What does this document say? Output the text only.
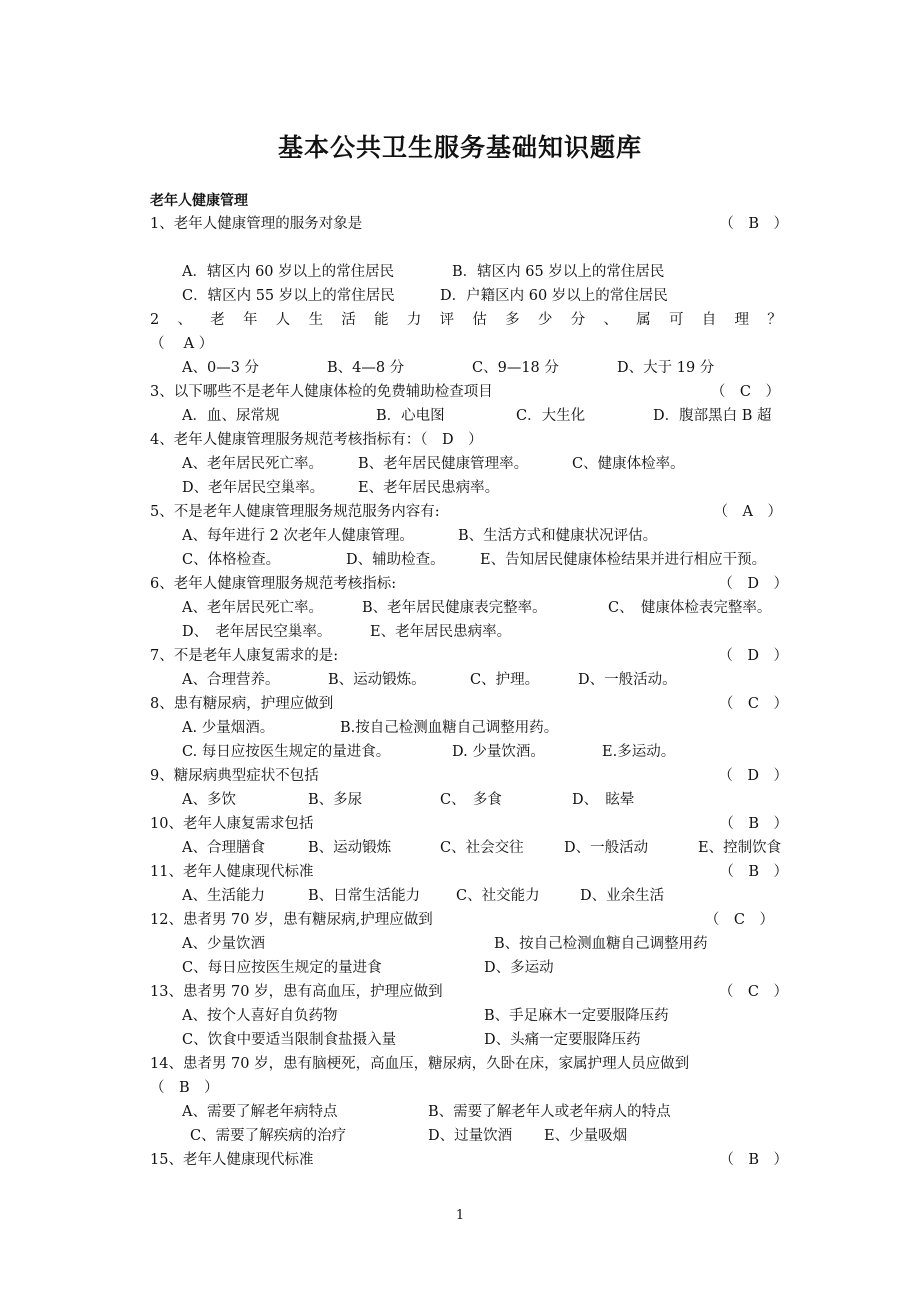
基本公共卫生服务基础知识题库
老年人健康管理
1、老年人健康管理的服务对象是	（　B　）
A．辖区内 60 岁以上的常住居民	B．辖区内 65 岁以上的常住居民
C．辖区内 55 岁以上的常住居民	D．户籍区内 60 岁以上的常住居民
2 、 老 年 人 生 活 能 力 评 估 多 少 分 、 属 可 自 理 ？
（　 A ）
A、0—3 分	B、4—8 分	C、9—18 分	D、大于 19 分
3、以下哪些不是老年人健康体检的免费辅助检查项目	（　C　）
A．血、尿常规	B．心电图	C．大生化	D．腹部黑白 B 超
4、老年人健康管理服务规范考核指标有：（　D　）
A、老年居民死亡率。 B、老年居民健康管理率。	C、健康体检率。
D、老年居民空巢率。 E、老年居民患病率。
5、不是老年人健康管理服务规范服务内容有:	（　A　）
A、每年进行 2 次老年人健康管理。	B、生活方式和健康状况评估。
C、体格检查。	D、辅助检查。 E、告知居民健康体检结果并进行相应干预。
6、老年人健康管理服务规范考核指标:	（　D　）
A、老年居民死亡率。	B、老年居民健康表完整率。	C、　健康体检表完整率。
D、　老年居民空巢率。	E、老年居民患病率。
7、不是老年人康复需求的是:	（　D　）
A、合理营养。	B、运动锻炼。	C、护理。	D、一般活动。
8、患有糖尿病，护理应做到	（　C　）
A. 少量烟酒。	B.按自己检测血糖自己调整用药。
C. 每日应按医生规定的量进食。	D. 少量饮酒。	E.多运动。
9、糖尿病典型症状不包括	（　D　）
A、多饮	B、多尿	C、　多食	D、　眩晕
10、老年人康复需求包括	（　B　）
A、合理膳食	B、运动锻炼	C、社会交往	D、一般活动	E、控制饮食
11、老年人健康现代标准	（　B　）
A、生活能力	B、日常生活能力 C、社交能力	D、业余生活
12、患者男 70 岁，患有糖尿病,护理应做到	（　C　）
A、少量饮酒	B、按自己检测血糖自己调整用药
C、每日应按医生规定的量进食	D、多运动
13、患者男 70 岁，患有高血压，护理应做到	（　C　）
A、按个人喜好自负药物	B、手足麻木一定要服降压药
C、饮食中要适当限制食盐摄入量	D、头痛一定要服降压药
14、患者男 70 岁，患有脑梗死，高血压，糖尿病，久卧在床，家属护理人员应做到
（　B　）
A、需要了解老年病特点	B、需要了解老年人或老年病人的特点
C、需要了解疾病的治疗	D、过量饮酒 E、少量吸烟
15、老年人健康现代标准	（　B　）
1
